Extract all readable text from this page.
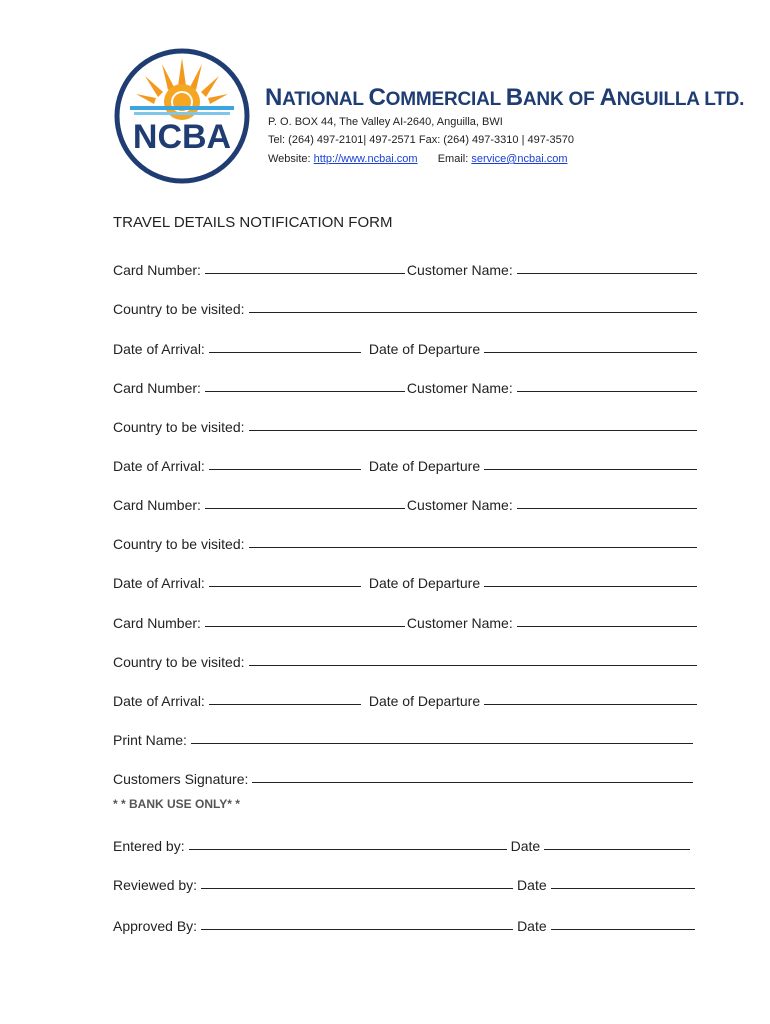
NCBA
NATIONAL COMMERCIAL BANK OF ANGUILLA LTD.
P. O. BOX 44, The Valley AI-2640, Anguilla, BWI
Tel: (264) 497-2101| 497-2571 Fax: (264) 497-3310 | 497-3570
Website: http://www.ncbai.com Email: service@ncbai.com
TRAVEL DETAILS NOTIFICATION FORM
Card Number:	Customer Name:
Country to be visited:
Date of Arrival:	Date of Departure
Card Number:	Customer Name:
Country to be visited:
Date of Arrival:	Date of Departure
Card Number:	Customer Name:
Country to be visited:
Date of Arrival:	Date of Departure
Card Number:	Customer Name:
Country to be visited:
Date of Arrival:	Date of Departure
Print Name:
Customers Signature:
* * BANK USE ONLY* *
Entered by:	Date
Reviewed by:	Date
Approved By:	Date
